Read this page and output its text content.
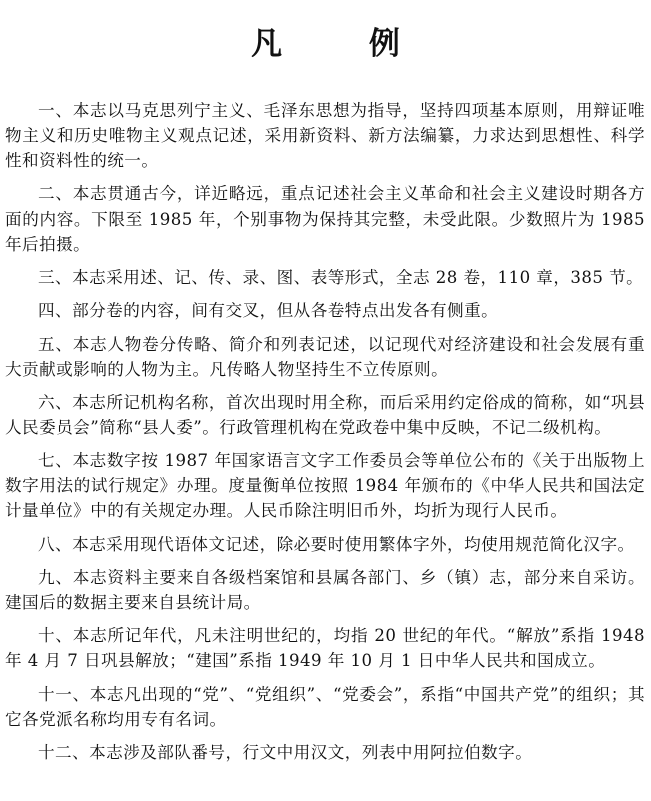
凡 例

一、本志以马克思列宁主义、毛泽东思想为指导，坚持四项基本原则，用辩证唯物主义和历史唯物主义观点记述，采用新资料、新方法编纂，力求达到思想性、科学性和资料性的统一。

二、本志贯通古今，详近略远，重点记述社会主义革命和社会主义建设时期各方面的内容。下限至 1985 年，个别事物为保持其完整，未受此限。少数照片为 1985 年后拍摄。

三、本志采用述、记、传、录、图、表等形式，全志 28 卷，110 章，385 节。

四、部分卷的内容，间有交叉，但从各卷特点出发各有侧重。

五、本志人物卷分传略、简介和列表记述，以记现代对经济建设和社会发展有重大贡献或影响的人物为主。凡传略人物坚持生不立传原则。

六、本志所记机构名称，首次出现时用全称，而后采用约定俗成的简称，如“巩县人民委员会”简称“县人委”。行政管理机构在党政卷中集中反映，不记二级机构。

七、本志数字按 1987 年国家语言文字工作委员会等单位公布的《关于出版物上数字用法的试行规定》办理。度量衡单位按照 1984 年颁布的《中华人民共和国法定计量单位》中的有关规定办理。人民币除注明旧币外，均折为现行人民币。

八、本志采用现代语体文记述，除必要时使用繁体字外，均使用规范简化汉字。

九、本志资料主要来自各级档案馆和县属各部门、乡（镇）志，部分来自采访。建国后的数据主要来自县统计局。

十、本志所记年代，凡未注明世纪的，均指 20 世纪的年代。“解放”系指 1948 年 4 月 7 日巩县解放；“建国”系指 1949 年 10 月 1 日中华人民共和国成立。

十一、本志凡出现的“党”、“党组织”、“党委会”，系指“中国共产党”的组织；其它各党派名称均用专有名词。

十二、本志涉及部队番号，行文中用汉文，列表中用阿拉伯数字。
